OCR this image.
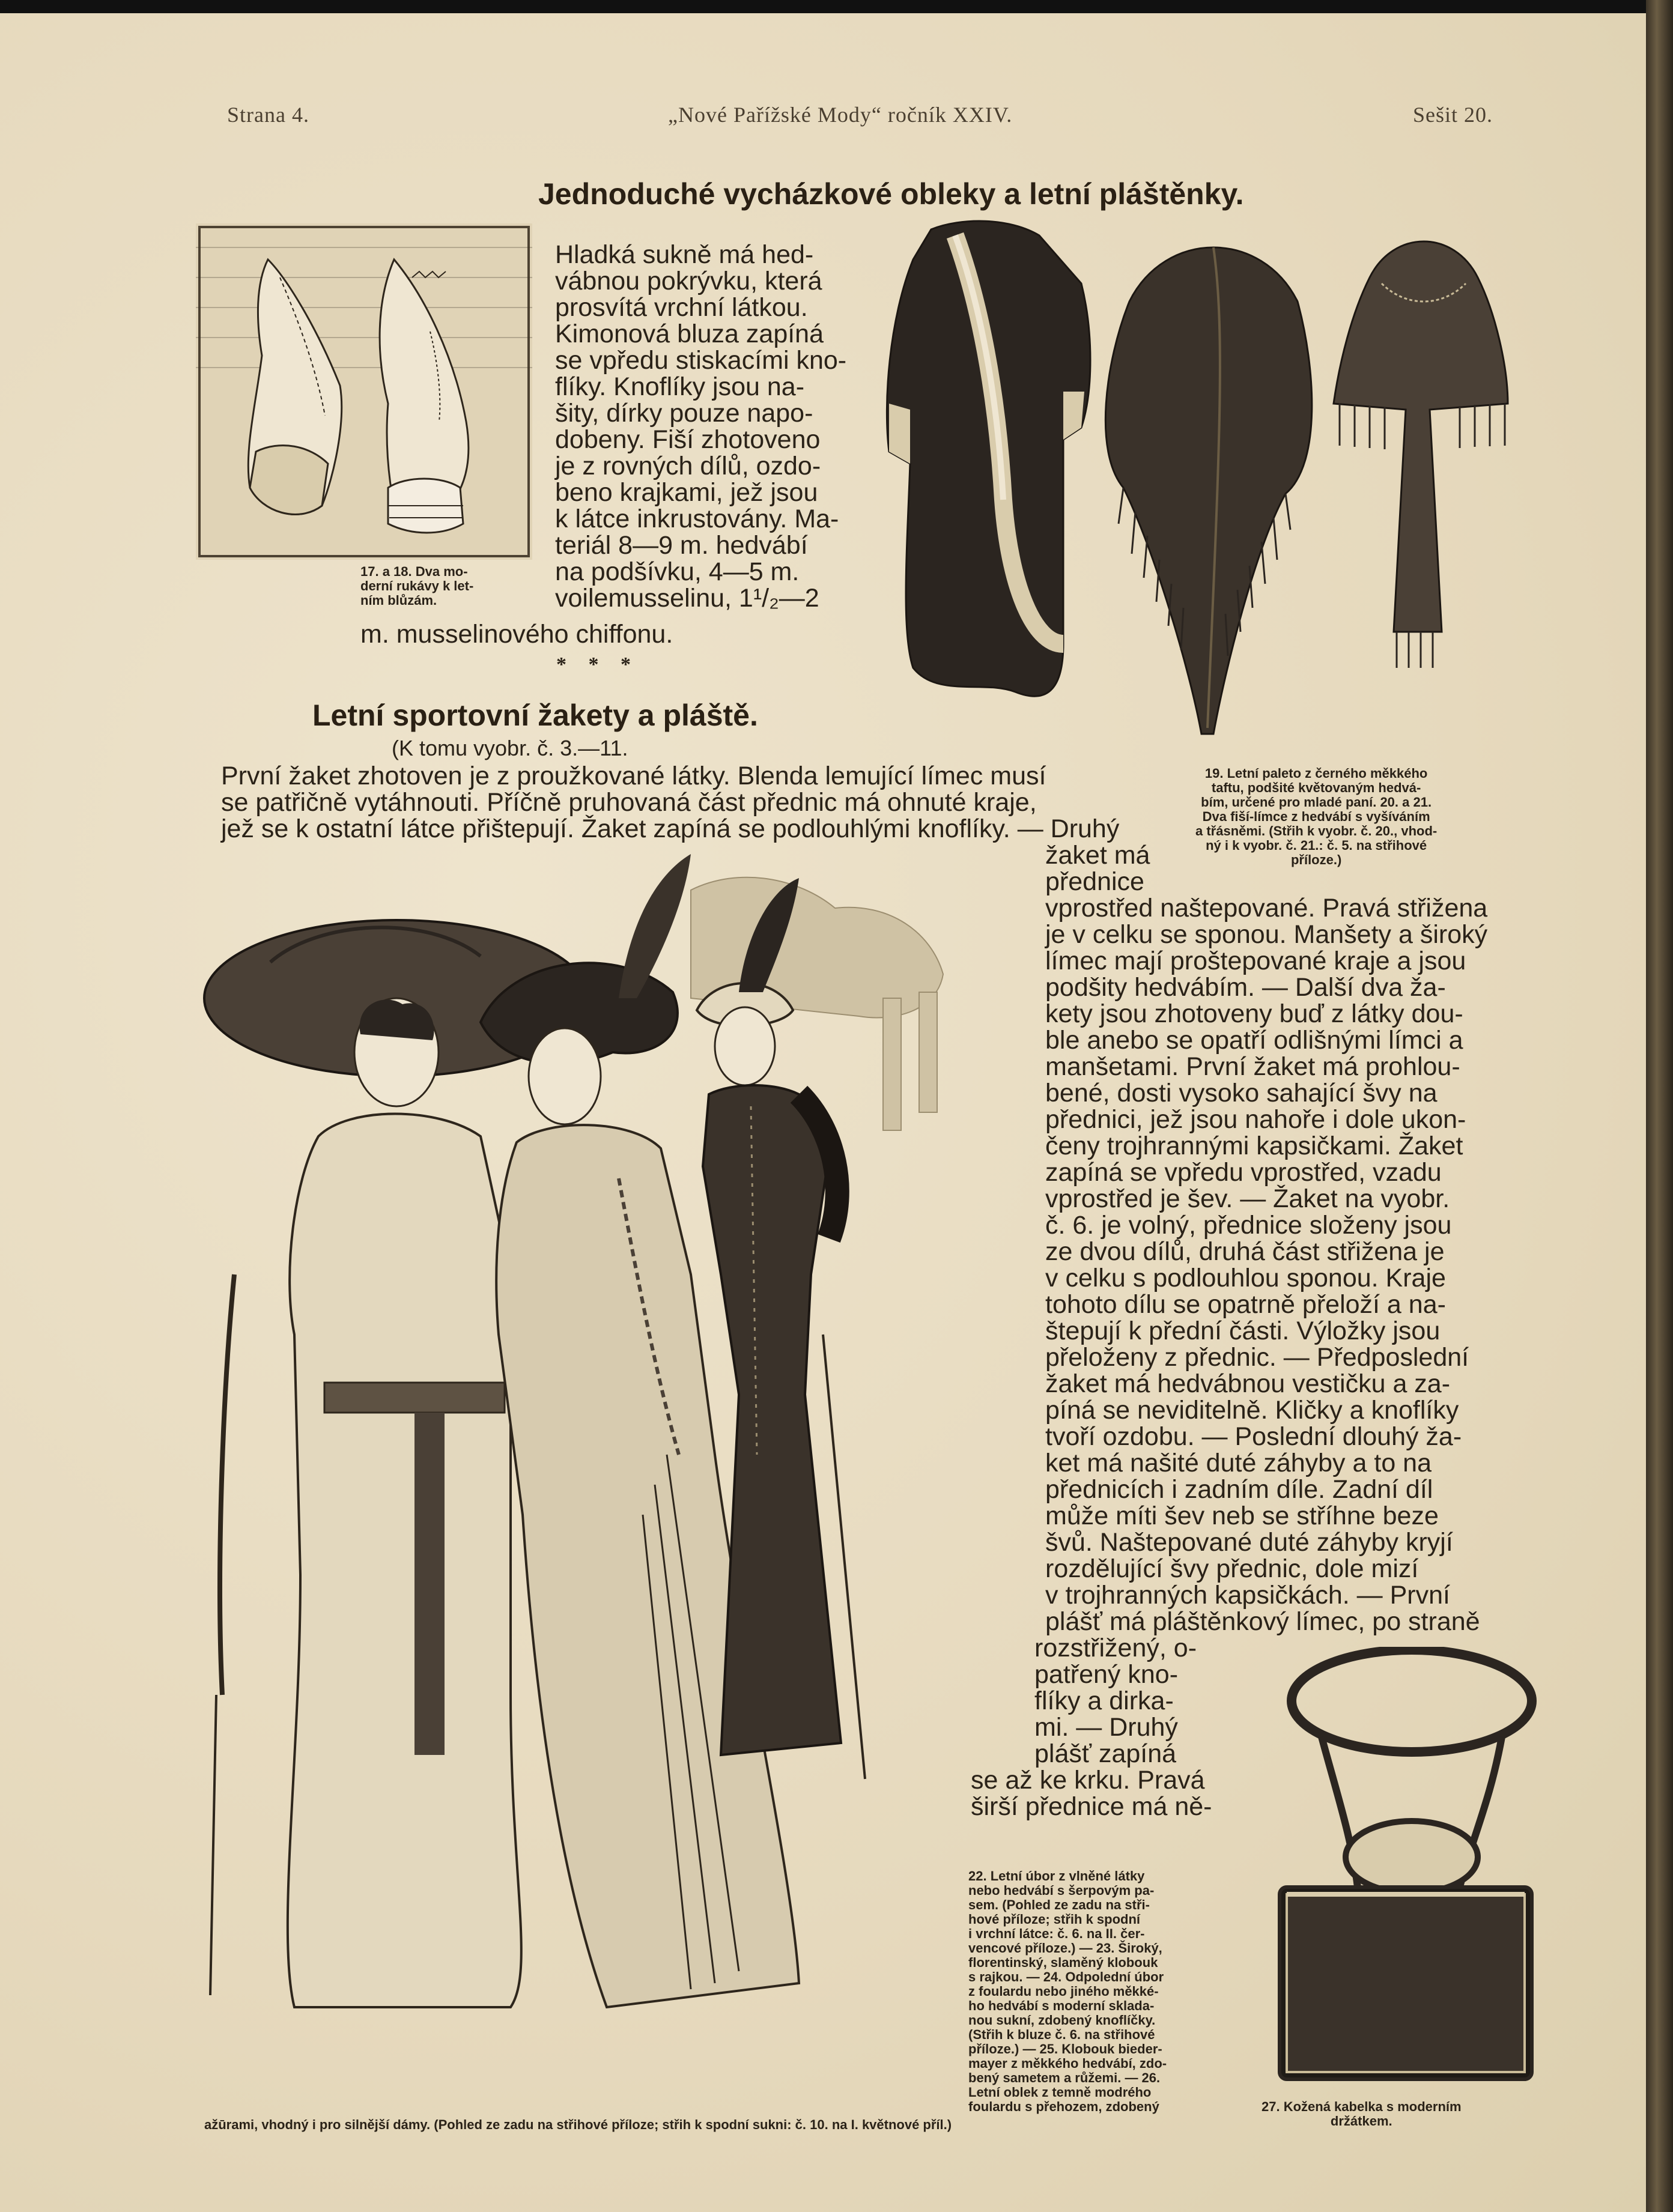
Strana 4.	„Nové Pařížské Mody“ ročník XXIV.	Sešit 20.
Jednoduché vycházkové obleky a letní pláštěnky.
17. a 18. Dva mo-
derní rukávy k let-
ním blůzám.
Hladká sukně má hed-
vábnou pokrývku, která
prosvítá vrchní látkou.
Kimonová bluza zapíná
se vpředu stiskacími kno-
flíky. Knoflíky jsou na-
šity, dírky pouze napo-
dobeny. Fiší zhotoveno
je z rovných dílů, ozdo-
beno krajkami, jež jsou
k látce inkrustovány. Ma-
teriál 8—9 m. hedvábí
na podšívku, 4—5 m.
voilemusselinu, 1¹/₂—2
m. musselinového chiffonu.
* * *
19. Letní paleto z černého měkkého
taftu, podšité květovaným hedvá-
bím, určené pro mladé paní. 20. a 21.
Dva fiší-límce z hedvábí s vyšíváním
a třásněmi. (Střih k vyobr. č. 20., vhod-
ný i k vyobr. č. 21.: č. 5. na střihové
příloze.)
Letní sportovní žakety a pláště.
(K tomu vyobr. č. 3.—11.
První žaket zhotoven je z proužkované látky. Blenda lemující límec musí
se patřičně vytáhnouti. Příčně pruhovaná část přednic má ohnuté kraje,
jež se k ostatní látce přištepují. Žaket zapíná se podlouhlými knoflíky. — Druhý
žaket má
přednice
vprostřed naštepované. Pravá střižena
je v celku se sponou. Manšety a široký
límec mají proštepované kraje a jsou
podšity hedvábím. — Další dva ža-
kety jsou zhotoveny buď z látky dou-
ble anebo se opatří odlišnými límci a
manšetami. První žaket má prohlou-
bené, dosti vysoko sahající švy na
přednici, jež jsou nahoře i dole ukon-
čeny trojhrannými kapsičkami. Žaket
zapíná se vpředu vprostřed, vzadu
vprostřed je šev. — Žaket na vyobr.
č. 6. je volný, přednice složeny jsou
ze dvou dílů, druhá část střižena je
v celku s podlouhlou sponou. Kraje
tohoto dílu se opatrně přeloží a na-
štepují k přední části. Výložky jsou
přeloženy z přednic. — Předposlední
žaket má hedvábnou vestičku a za-
píná se neviditelně. Kličky a knoflíky
tvoří ozdobu. — Poslední dlouhý ža-
ket má našité duté záhyby a to na
přednicích i zadním díle. Zadní díl
může míti šev neb se stříhne beze
švů. Naštepované duté záhyby kryjí
rozdělující švy přednic, dole mizí
v trojhranných kapsičkách. — První
plášť má pláštěnkový límec, po straně
rozstřižený, o-
patřený kno-
flíky a dirka-
mi. — Druhý
plášť zapíná
se až ke krku. Pravá
širší přednice má ně-
22. Letní úbor z vlněné látky
nebo hedvábí s šerpovým pa-
sem. (Pohled ze zadu na stři-
hové příloze; střih k spodní
i vrchní látce: č. 6. na II. čer-
vencové příloze.) — 23. Široký,
florentinský, slaměný klobouk
s rajkou. — 24. Odpolední úbor
z foulardu nebo jiného měkké-
ho hedvábí s moderní sklada-
nou sukní, zdobený knoflíčky.
(Střih k bluze č. 6. na střihové
příloze.) — 25. Klobouk bieder-
mayer z měkkého hedvábí, zdo-
bený sametem a růžemi. — 26.
Letní oblek z temně modrého
foulardu s přehozem, zdobený
ažūrami, vhodný i pro silnější dámy. (Pohled ze zadu na střihové příloze; střih k spodní sukni: č. 10. na I. květnové příl.)
27. Kožená kabelka s moderním
držátkem.
